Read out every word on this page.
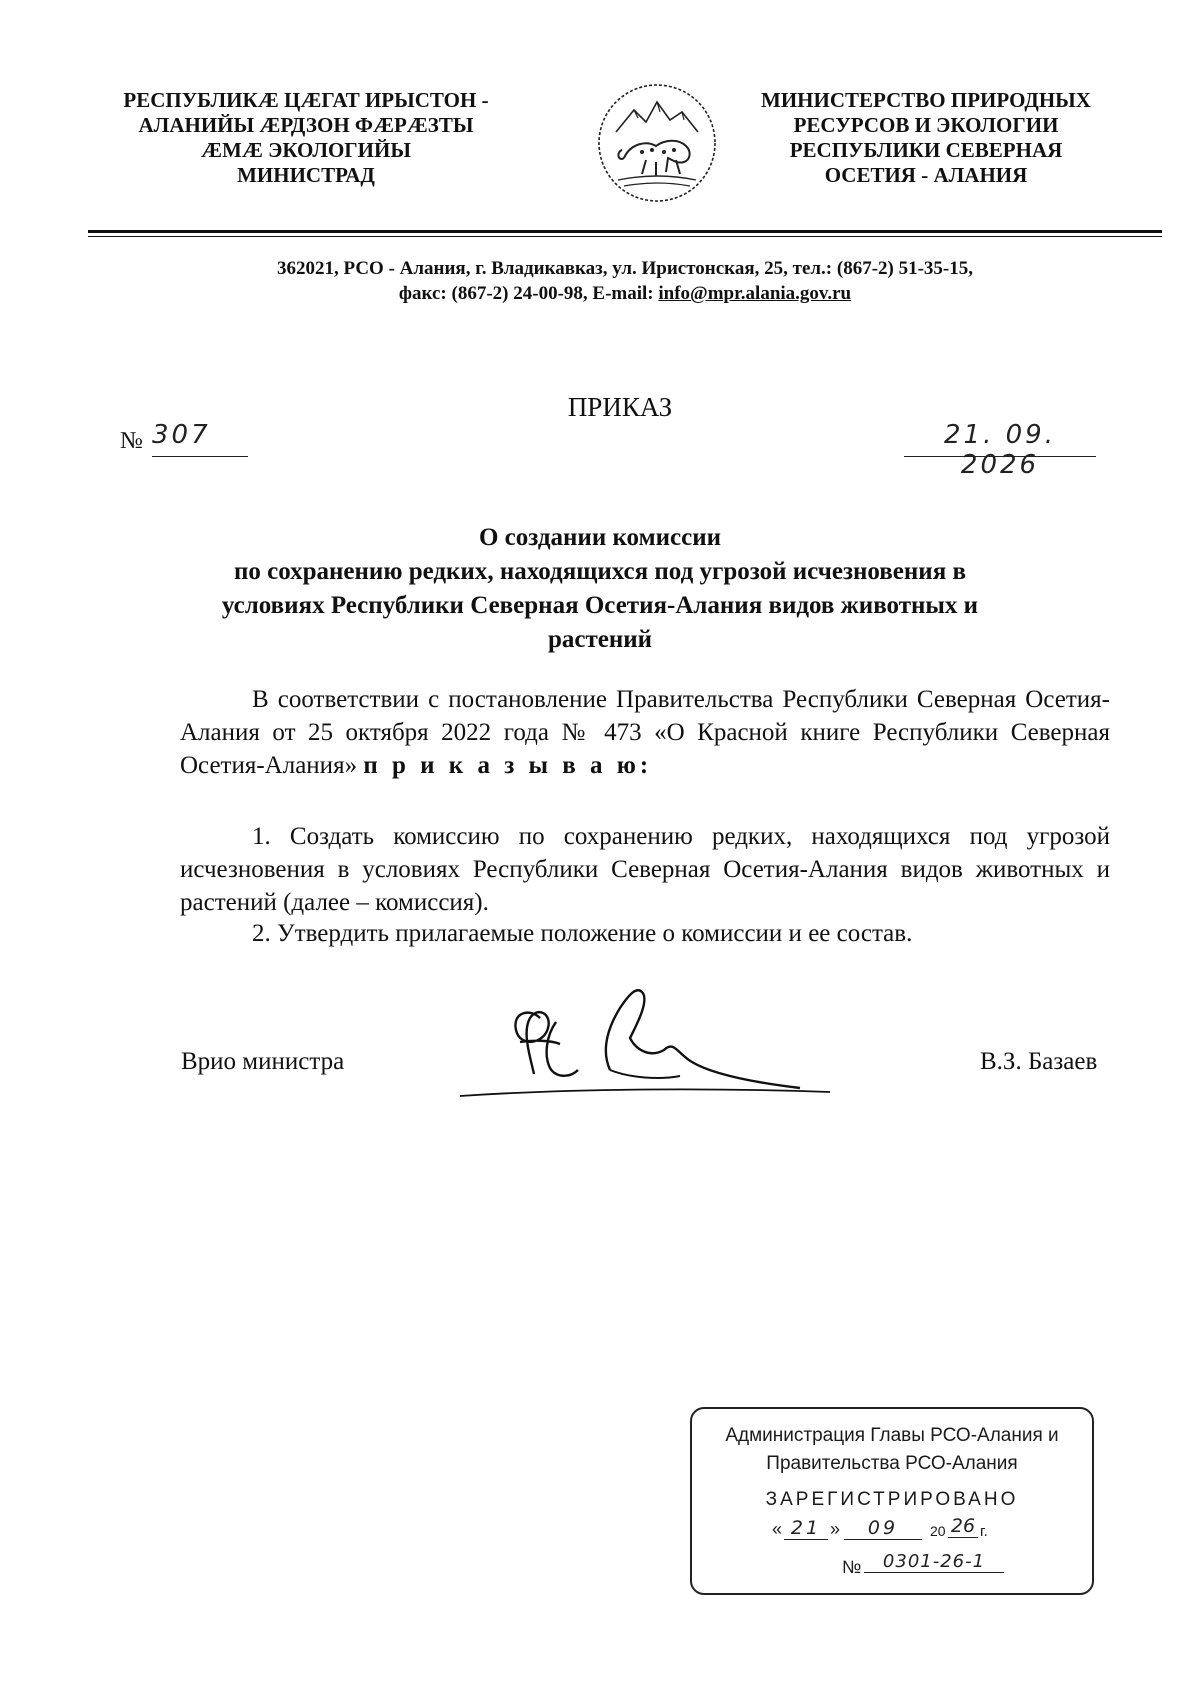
РЕСПУБЛИКӔ ЦӔГАТ ИРЫСТОН -
АЛАНИЙЫ ӔРДЗОН ФӔРӔЗТЫ
ӔМӔ ЭКОЛОГИЙЫ
МИНИСТРАД
МИНИСТЕРСТВО ПРИРОДНЫХ
РЕСУРСОВ И ЭКОЛОГИИ
РЕСПУБЛИКИ СЕВЕРНАЯ
ОСЕТИЯ - АЛАНИЯ
362021, РСО - Алания, г. Владикавказ, ул. Иристонская, 25, тел.: (867-2) 51-35-15,
факс: (867-2) 24-00-98, E-mail: info@mpr.alania.gov.ru
ПРИКАЗ
№ 307	21. 09. 2026
О создании комиссии
по сохранению редких, находящихся под угрозой исчезновения в
условиях Республики Северная Осетия-Алания видов животных и
растений
В соответствии с постановление Правительства Республики Северная Осетия-Алания от 25 октября 2022 года № 473 «О Красной книге Республики Северная Осетия-Алания» п р и к а з ы в а ю:
1. Создать комиссию по сохранению редких, находящихся под угрозой исчезновения в условиях Республики Северная Осетия-Алания видов животных и растений (далее – комиссия).
2. Утвердить прилагаемые положение о комиссии и ее состав.
Врио министра	В.З. Базаев
Администрация Главы РСО-Алания и
Правительства РСО-Алания
ЗАРЕГИСТРИРОВАНО
« 21 »	09	20 26 г.
№	0301-26-1
